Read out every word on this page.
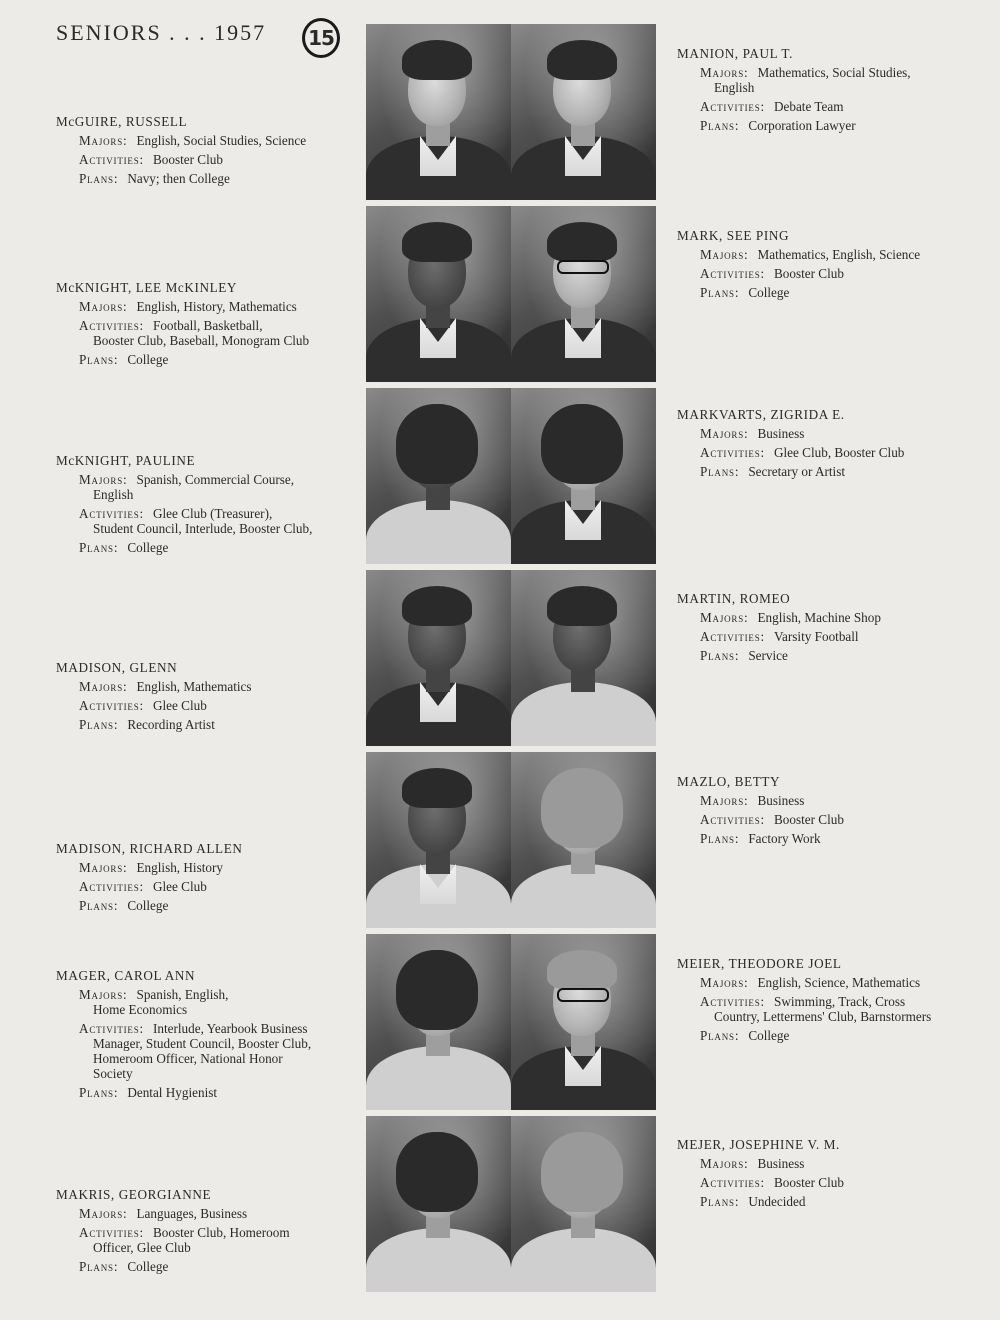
SENIORS . . . 1957	15
McGUIRE, RUSSELL
Majors: English, Social Studies, Science
Activities: Booster Club
Plans: Navy; then College
McKNIGHT, LEE McKINLEY
Majors: English, History, Mathematics
Activities: Football, Basketball,
Booster Club, Baseball, Monogram Club
Plans: College
McKNIGHT, PAULINE
Majors: Spanish, Commercial Course,
English
Activities: Glee Club (Treasurer),
Student Council, Interlude, Booster Club,
Plans: College
MADISON, GLENN
Majors: English, Mathematics
Activities: Glee Club
Plans: Recording Artist
MADISON, RICHARD ALLEN
Majors: English, History
Activities: Glee Club
Plans: College
MAGER, CAROL ANN
Majors: Spanish, English,
Home Economics
Activities: Interlude, Yearbook Business
Manager, Student Council, Booster Club,
Homeroom Officer, National Honor
Society
Plans: Dental Hygienist
MAKRIS, GEORGIANNE
Majors: Languages, Business
Activities: Booster Club, Homeroom
Officer, Glee Club
Plans: College
MANION, PAUL T.
Majors: Mathematics, Social Studies,
English
Activities: Debate Team
Plans: Corporation Lawyer
MARK, SEE PING
Majors: Mathematics, English, Science
Activities: Booster Club
Plans: College
MARKVARTS, ZIGRIDA E.
Majors: Business
Activities: Glee Club, Booster Club
Plans: Secretary or Artist
MARTIN, ROMEO
Majors: English, Machine Shop
Activities: Varsity Football
Plans: Service
MAZLO, BETTY
Majors: Business
Activities: Booster Club
Plans: Factory Work
MEIER, THEODORE JOEL
Majors: English, Science, Mathematics
Activities: Swimming, Track, Cross
Country, Lettermens' Club, Barnstormers
Plans: College
MEJER, JOSEPHINE V. M.
Majors: Business
Activities: Booster Club
Plans: Undecided
